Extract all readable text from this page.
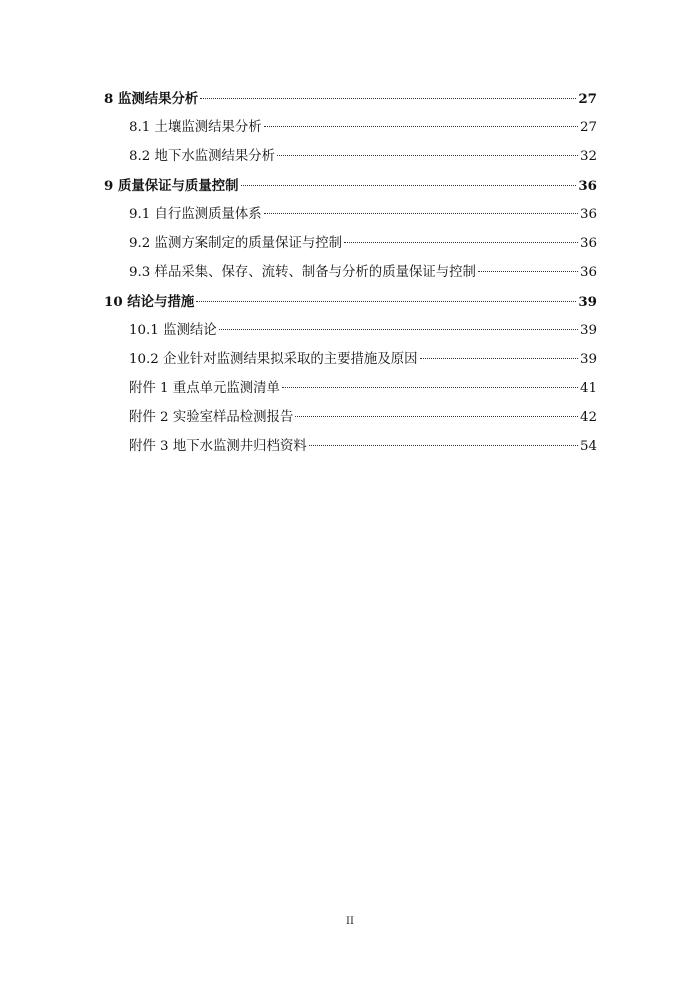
8 监测结果分析	27
8.1 土壤监测结果分析	27
8.2 地下水监测结果分析	32
9 质量保证与质量控制	36
9.1 自行监测质量体系	36
9.2 监测方案制定的质量保证与控制	36
9.3 样品采集、保存、流转、制备与分析的质量保证与控制	36
10 结论与措施	39
10.1 监测结论	39
10.2 企业针对监测结果拟采取的主要措施及原因	39
附件 1 重点单元监测清单	41
附件 2 实验室样品检测报告	42
附件 3 地下水监测井归档资料	54
II
